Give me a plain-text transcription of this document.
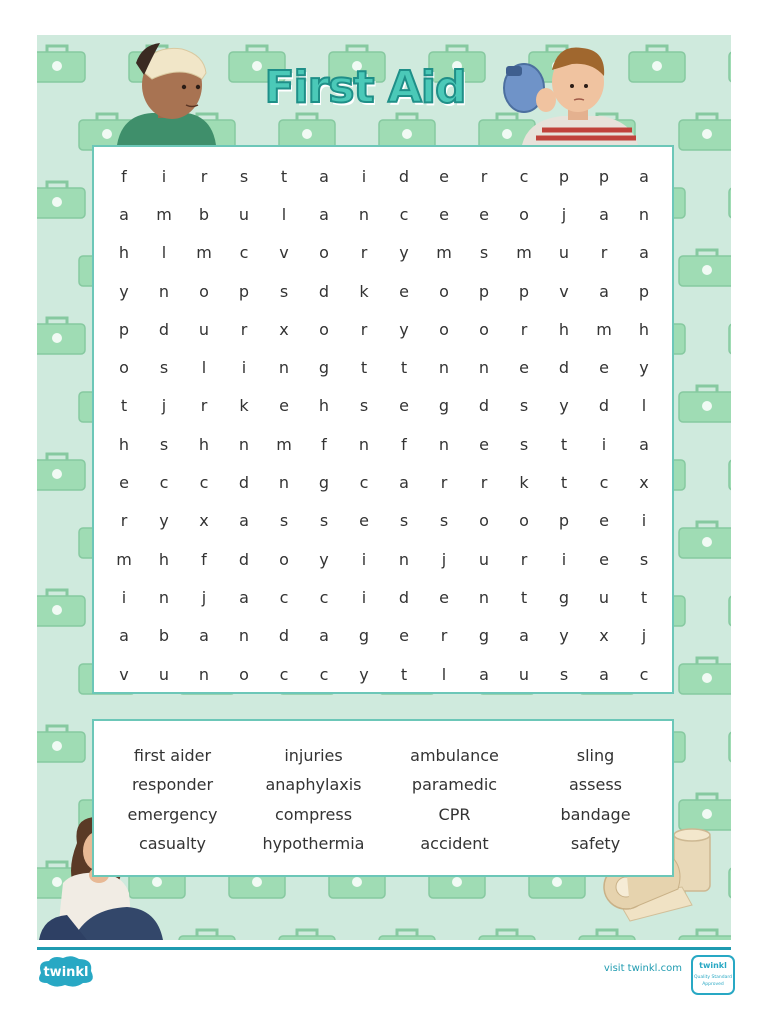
First Aid
f	i	r	s	t	a	i	d	e	r	c	p	p	a
a	m	b	u	l	a	n	c	e	e	o	j	a	n
h	l	m	c	v	o	r	y	m	s	m	u	r	a
y	n	o	p	s	d	k	e	o	p	p	v	a	p
p	d	u	r	x	o	r	y	o	o	r	h	m	h
o	s	l	i	n	g	t	t	n	n	e	d	e	y
t	j	r	k	e	h	s	e	g	d	s	y	d	l
h	s	h	n	m	f	n	f	n	e	s	t	i	a
e	c	c	d	n	g	c	a	r	r	k	t	c	x
r	y	x	a	s	s	e	s	s	o	o	p	e	i
m	h	f	d	o	y	i	n	j	u	r	i	e	s
i	n	j	a	c	c	i	d	e	n	t	g	u	t
a	b	a	n	d	a	g	e	r	g	a	y	x	j
v	u	n	o	c	c	y	t	l	a	u	s	a	c
first aider	injuries	ambulance	sling
responder	anaphylaxis	paramedic	assess
emergency	compress	CPR	bandage
casualty	hypothermia	accident	safety
twinkl	visit twinkl.com twinkl
Quality Standard
Approved
